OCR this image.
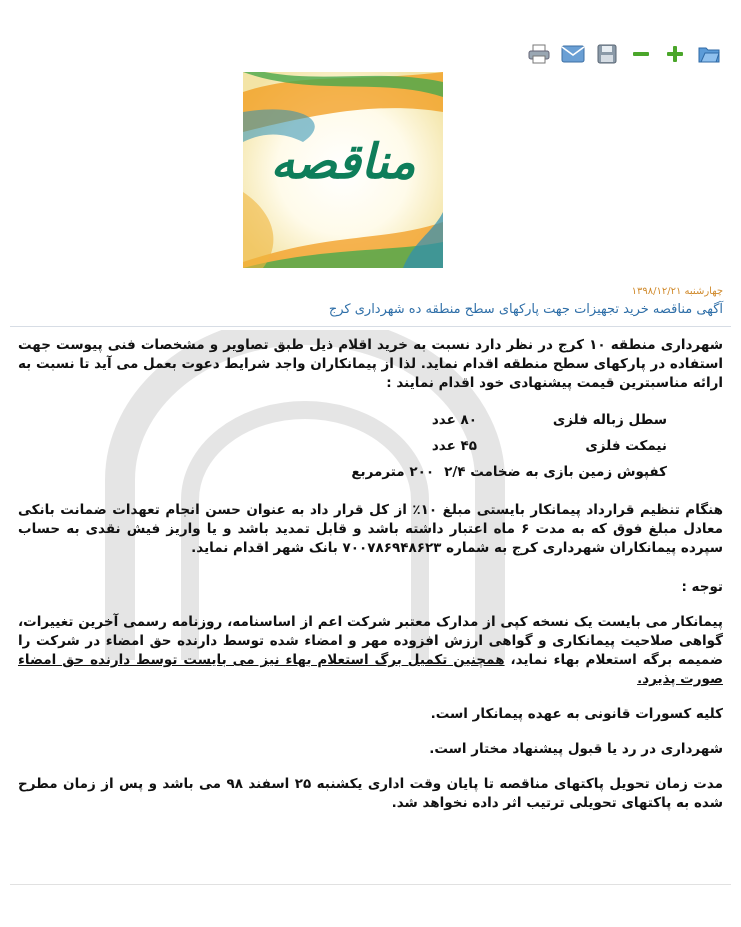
مناقصه
چهارشنبه ۱۳۹۸/۱۲/۲۱
آگهی مناقصه خرید تجهیزات جهت پارکهای سطح منطقه ده شهرداری کرج

شهرداری منطقه ۱۰ کرج در نظر دارد نسبت به خرید اقلام ذیل طبق تصاویر و مشخصات فنی پیوست جهت استفاده در پارکهای سطح منطقه اقدام نماید. لذا از پیمانکاران واجد شرایط دعوت بعمل می آید تا نسبت به ارائه مناسبترین قیمت پیشنهادی خود اقدام نمایند :

سطل زباله فلزی
۸۰ عدد
نیمکت فلزی
۴۵ عدد
کفپوش زمین بازی به ضخامت ۲/۴
۲۰۰ مترمربع

هنگام تنظیم قرارداد پیمانکار بایستی مبلغ ۱۰٪ از کل قرار داد به عنوان حسن انجام تعهدات ضمانت بانکی معادل مبلغ فوق که به مدت ۶ ماه اعتبار داشته باشد و قابل تمدید باشد و یا واریز فیش نقدی به حساب سپرده پیمانکاران شهرداری کرج به شماره ۷۰۰۷۸۶۹۴۸۶۲۳ بانک شهر اقدام نماید.

توجه :

پیمانکار می بایست یک نسخه کپی از مدارک معتبر شرکت اعم از اساسنامه، روزنامه رسمی آخرین تغییرات، گواهی صلاحیت پیمانکاری و گواهی ارزش افزوده مهر و امضاء شده توسط دارنده حق امضاء در شرکت را ضمیمه برگه استعلام بهاء نماید، همچنین تکمیل برگ استعلام بهاء نیز می بایست توسط دارنده حق امضاء صورت پذیرد.

کلیه کسورات قانونی به عهده پیمانکار است.

شهرداری در رد یا قبول پیشنهاد مختار است.

مدت زمان تحویل پاکتهای مناقصه تا پایان وقت اداری یکشنبه ۲۵ اسفند ۹۸ می باشد و پس از زمان مطرح شده به پاکتهای تحویلی ترتیب اثر داده نخواهد شد.
